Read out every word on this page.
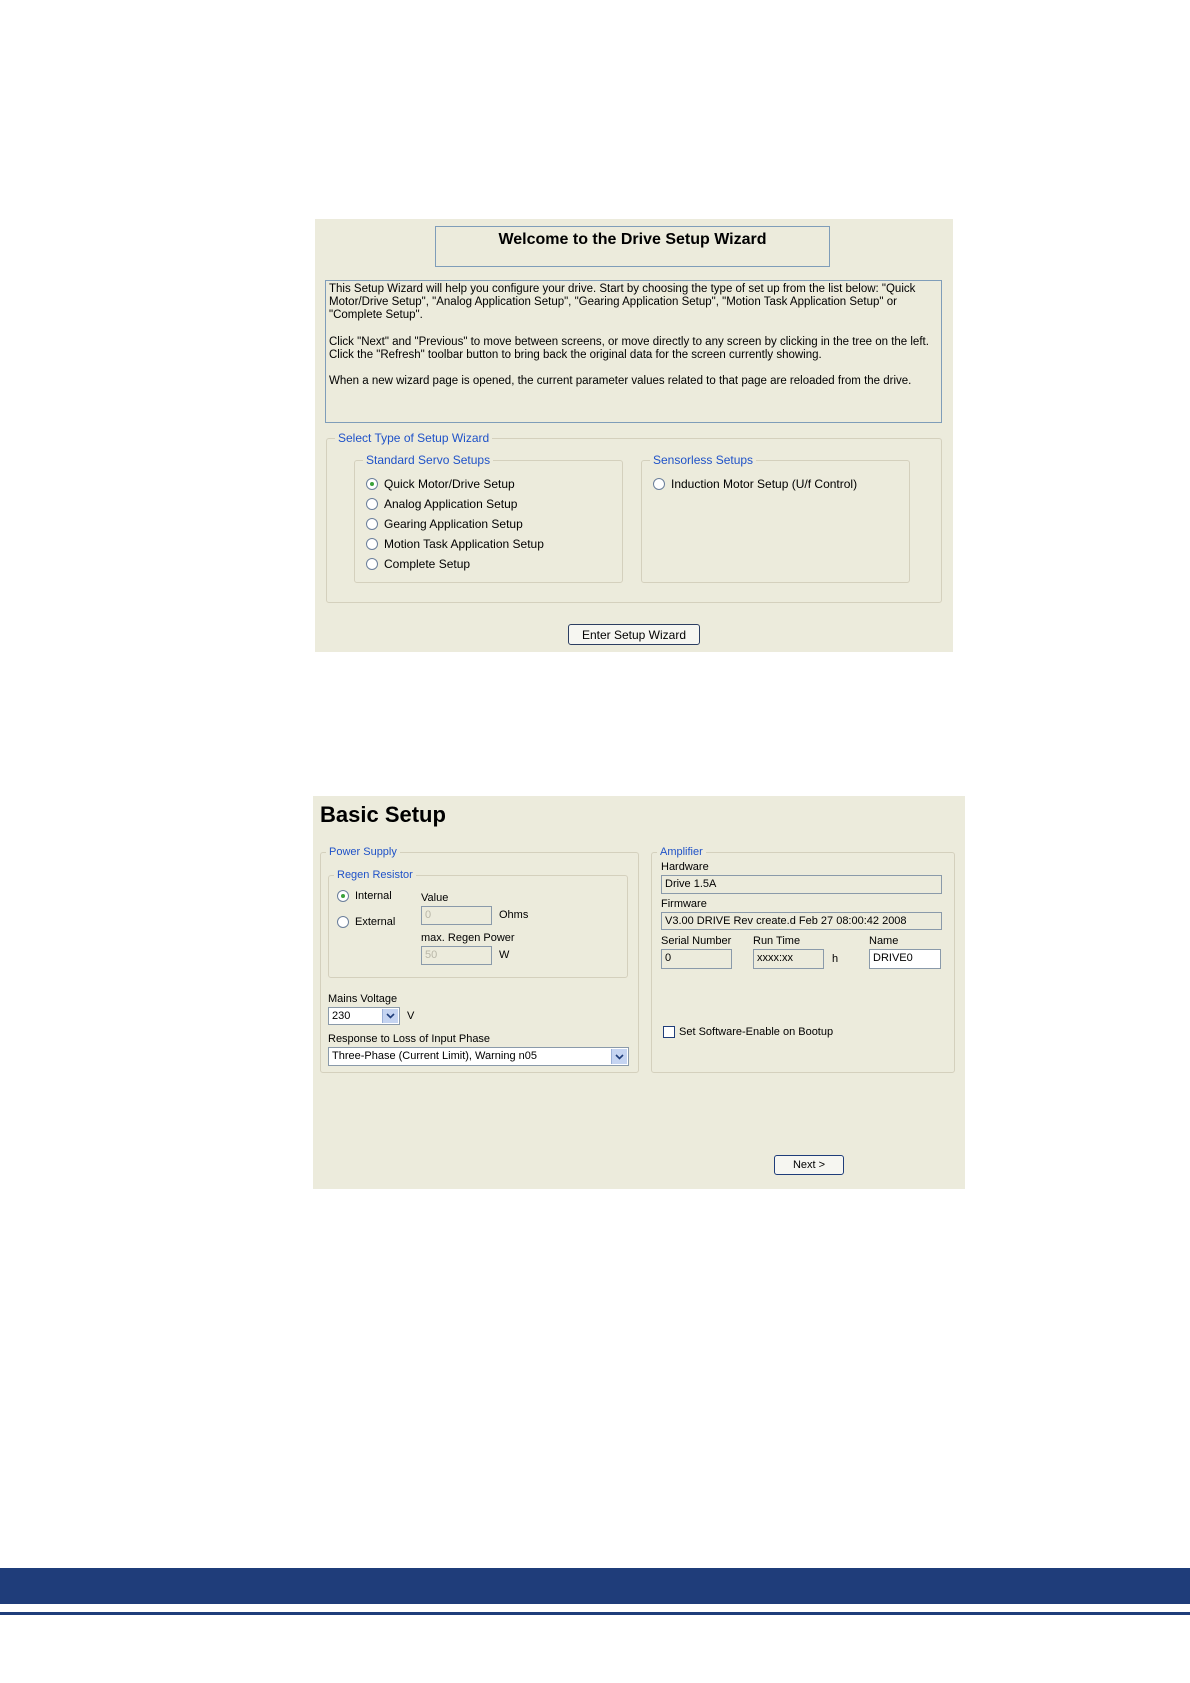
Welcome to the Drive Setup Wizard
This Setup Wizard will help you configure your drive. Start by choosing the type of set up from the list below: "Quick Motor/Drive Setup", "Analog Application Setup", "Gearing Application Setup", "Motion Task Application Setup" or "Complete Setup".
Click "Next" and "Previous" to move between screens, or move directly to any screen by clicking in the tree on the left. Click the "Refresh" toolbar button to bring back the original data for the screen currently showing.
When a new wizard page is opened, the current parameter values related to that page are reloaded from the drive.
Select Type of Setup Wizard
Standard Servo Setups
Quick Motor/Drive Setup
Analog Application Setup
Gearing Application Setup
Motion Task Application Setup
Complete Setup
Sensorless Setups
Induction Motor Setup (U/f Control)
Enter Setup Wizard
Basic Setup
Power Supply
Regen Resistor
Internal
External
Value
0	Ohms
max. Regen Power
50	W
Mains Voltage
230	V
Response to Loss of Input Phase
Three-Phase (Current Limit), Warning n05
Amplifier
Hardware
Drive 1.5A
Firmware
V3.00 DRIVE Rev create.d Feb 27 08:00:42 2008
Serial Number
0
Run Time
xxxx:xx	h
Name
DRIVE0
Set Software-Enable on Bootup
Next >
